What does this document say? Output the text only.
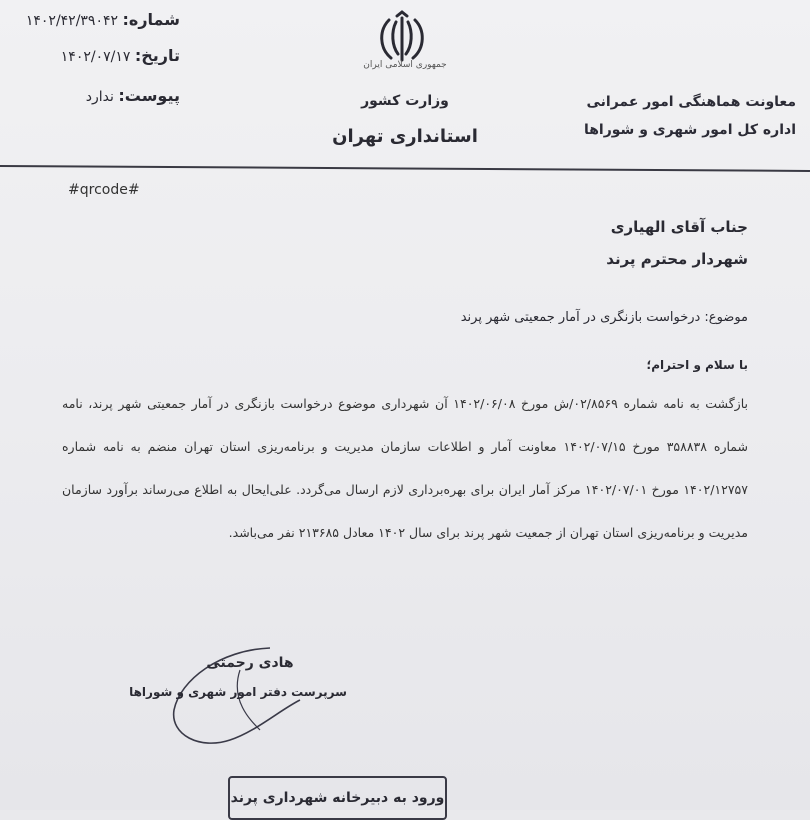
معاونت هماهنگی امور عمرانی
اداره کل امور شهری و شوراها
جمهوری اسلامی ایران
وزارت کشور
استانداری تهران
شماره: ۱۴۰۲/۴۲/۳۹۰۴۲
تاریخ: ۱۴۰۲/۰۷/۱۷
پیوست: ندارد
#qrcode#
جناب آقای الهیاری
شهردار محترم پرند
موضوع: درخواست بازنگری در آمار جمعیتی شهر پرند
با سلام و احترام؛
بازگشت به نامه شماره ۰۲/۸۵۶۹/ش مورخ ۱۴۰۲/۰۶/۰۸ آن شهرداری موضوع درخواست بازنگری در آمار جمعیتی شهر پرند، نامه شماره ۳۵۸۸۳۸ مورخ ۱۴۰۲/۰۷/۱۵ معاونت آمار و اطلاعات سازمان مدیریت و برنامه‌ریزی استان تهران منضم به نامه شماره ۱۴۰۲/۱۲۷۵۷ مورخ ۱۴۰۲/۰۷/۰۱ مرکز آمار ایران برای بهره‌برداری لازم ارسال می‌گردد. علی‌ایحال به اطلاع می‌رساند برآورد سازمان مدیریت و برنامه‌ریزی استان تهران از جمعیت شهر پرند برای سال ۱۴۰۲ معادل ۲۱۳۶۸۵ نفر می‌باشد.
هادی رحمتی
سرپرست دفتر امور شهری و شوراها
ورود به دبیرخانه شهرداری پرند
